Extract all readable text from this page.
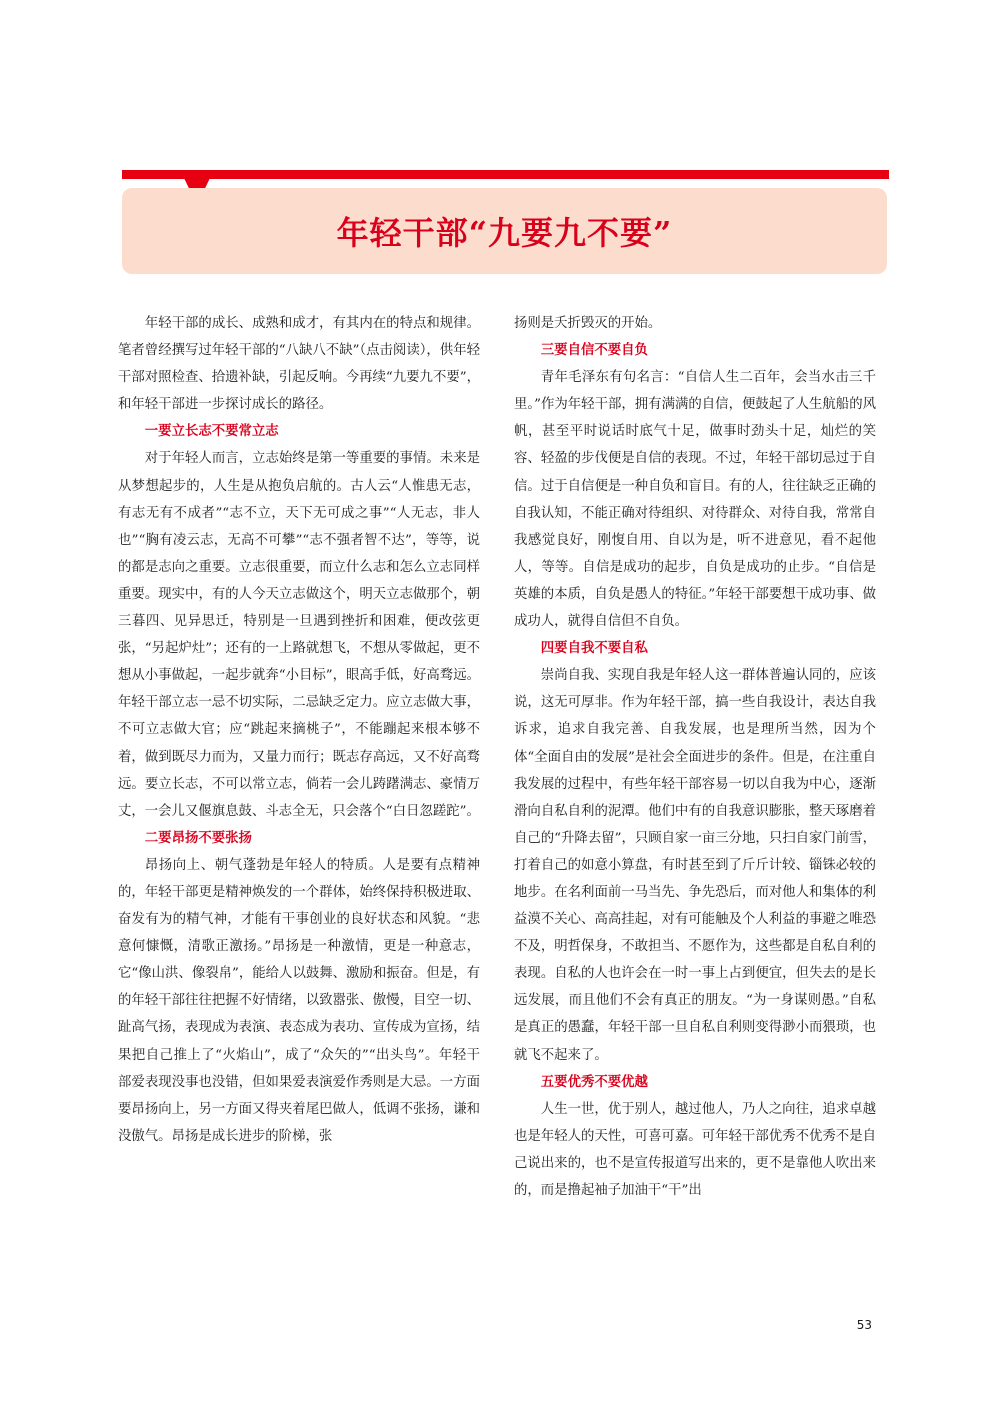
年轻干部“九要九不要”

年轻干部的成长、成熟和成才，有其内在的特点和规律。笔者曾经撰写过年轻干部的“八缺八不缺”（点击阅读），供年轻干部对照检查、拾遗补缺，引起反响。今再续“九要九不要”，和年轻干部进一步探讨成长的路径。

一要立长志不要常立志

对于年轻人而言，立志始终是第一等重要的事情。未来是从梦想起步的，人生是从抱负启航的。古人云“人惟患无志，有志无有不成者”“志不立，天下无可成之事”“人无志，非人也”“胸有凌云志，无高不可攀”“志不强者智不达”，等等，说的都是志向之重要。立志很重要，而立什么志和怎么立志同样重要。现实中，有的人今天立志做这个，明天立志做那个，朝三暮四、见异思迁，特别是一旦遇到挫折和困难，便改弦更张，“另起炉灶”；还有的一上路就想飞，不想从零做起，更不想从小事做起，一起步就奔“小目标”，眼高手低，好高骛远。年轻干部立志一忌不切实际，二忌缺乏定力。应立志做大事，不可立志做大官；应“跳起来摘桃子”，不能蹦起来根本够不着，做到既尽力而为，又量力而行；既志存高远，又不好高骛远。要立长志，不可以常立志，倘若一会儿踌躇满志、豪情万丈，一会儿又偃旗息鼓、斗志全无，只会落个“白日忽蹉跎”。

二要昂扬不要张扬

昂扬向上、朝气蓬勃是年轻人的特质。人是要有点精神的，年轻干部更是精神焕发的一个群体，始终保持积极进取、奋发有为的精气神，才能有干事创业的良好状态和风貌。“悲意何慷慨，清歌正激扬。”昂扬是一种激情，更是一种意志，它“像山洪、像裂帛”，能给人以鼓舞、激励和振奋。但是，有的年轻干部往往把握不好情绪，以致嚣张、傲慢，目空一切、趾高气扬，表现成为表演、表态成为表功、宣传成为宣扬，结果把自己推上了“火焰山”，成了“众矢的”“出头鸟”。年轻干部爱表现没事也没错，但如果爱表演爱作秀则是大忌。一方面要昂扬向上，另一方面又得夹着尾巴做人，低调不张扬，谦和没傲气。昂扬是成长进步的阶梯，张

扬则是夭折毁灭的开始。

三要自信不要自负

青年毛泽东有句名言：“自信人生二百年，会当水击三千里。”作为年轻干部，拥有满满的自信，便鼓起了人生航船的风帆，甚至平时说话时底气十足，做事时劲头十足，灿烂的笑容、轻盈的步伐便是自信的表现。不过，年轻干部切忌过于自信。过于自信便是一种自负和盲目。有的人，往往缺乏正确的自我认知，不能正确对待组织、对待群众、对待自我，常常自我感觉良好，刚愎自用、自以为是，听不进意见，看不起他人，等等。自信是成功的起步，自负是成功的止步。“自信是英雄的本质，自负是愚人的特征。”年轻干部要想干成功事、做成功人，就得自信但不自负。

四要自我不要自私

崇尚自我、实现自我是年轻人这一群体普遍认同的，应该说，这无可厚非。作为年轻干部，搞一些自我设计，表达自我诉求，追求自我完善、自我发展，也是理所当然，因为个体“全面自由的发展”是社会全面进步的条件。但是，在注重自我发展的过程中，有些年轻干部容易一切以自我为中心，逐渐滑向自私自利的泥潭。他们中有的自我意识膨胀，整天琢磨着自己的“升降去留”，只顾自家一亩三分地，只扫自家门前雪，打着自己的如意小算盘，有时甚至到了斤斤计较、锱铢必较的地步。在名利面前一马当先、争先恐后，而对他人和集体的利益漠不关心、高高挂起，对有可能触及个人利益的事避之唯恐不及，明哲保身，不敢担当、不愿作为，这些都是自私自利的表现。自私的人也许会在一时一事上占到便宜，但失去的是长远发展，而且他们不会有真正的朋友。“为一身谋则愚。”自私是真正的愚蠢，年轻干部一旦自私自利则变得渺小而猥琐，也就飞不起来了。

五要优秀不要优越

人生一世，优于别人，越过他人，乃人之向往，追求卓越也是年轻人的天性，可喜可嘉。可年轻干部优秀不优秀不是自己说出来的，也不是宣传报道写出来的，更不是靠他人吹出来的，而是撸起袖子加油干“干”出

53
